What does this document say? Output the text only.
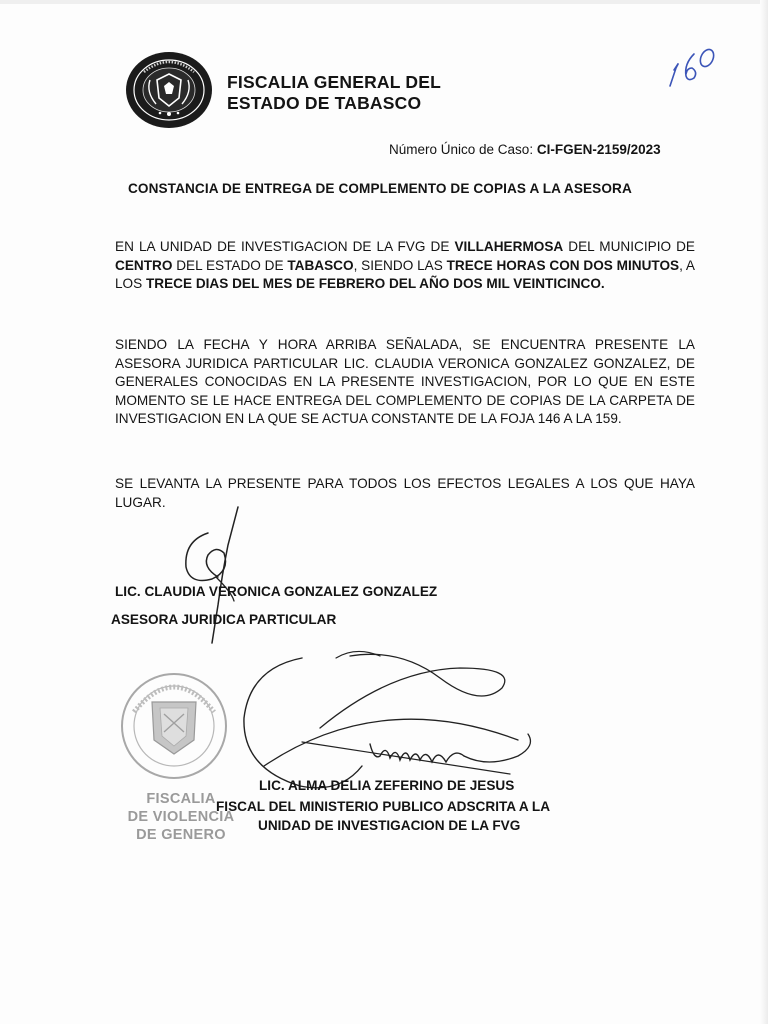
FISCALIA GENERAL DEL
ESTADO DE TABASCO
Número Único de Caso: CI-FGEN-2159/2023
CONSTANCIA DE ENTREGA DE COMPLEMENTO DE COPIAS A LA ASESORA
EN LA UNIDAD DE INVESTIGACION DE LA FVG DE VILLAHERMOSA DEL MUNICIPIO DE CENTRO DEL ESTADO DE TABASCO, SIENDO LAS TRECE HORAS CON DOS MINUTOS, A LOS TRECE DIAS DEL MES DE FEBRERO DEL AÑO DOS MIL VEINTICINCO.
SIENDO LA FECHA Y HORA ARRIBA SEÑALADA, SE ENCUENTRA PRESENTE LA ASESORA JURIDICA PARTICULAR LIC. CLAUDIA VERONICA GONZALEZ GONZALEZ, DE GENERALES CONOCIDAS EN LA PRESENTE INVESTIGACION, POR LO QUE EN ESTE MOMENTO SE LE HACE ENTREGA DEL COMPLEMENTO DE COPIAS DE LA CARPETA DE INVESTIGACION EN LA QUE SE ACTUA CONSTANTE DE LA FOJA 146 A LA 159.
SE LEVANTA LA PRESENTE PARA TODOS LOS EFECTOS LEGALES A LOS QUE HAYA LUGAR.
LIC. CLAUDIA VERONICA GONZALEZ GONZALEZ
ASESORA JURIDICA PARTICULAR
FISCALIA
DE VIOLENCIA
DE GENERO
LIC. ALMA DELIA ZEFERINO DE JESUS
FISCAL DEL MINISTERIO PUBLICO ADSCRITA A LA
UNIDAD DE INVESTIGACION DE LA FVG
